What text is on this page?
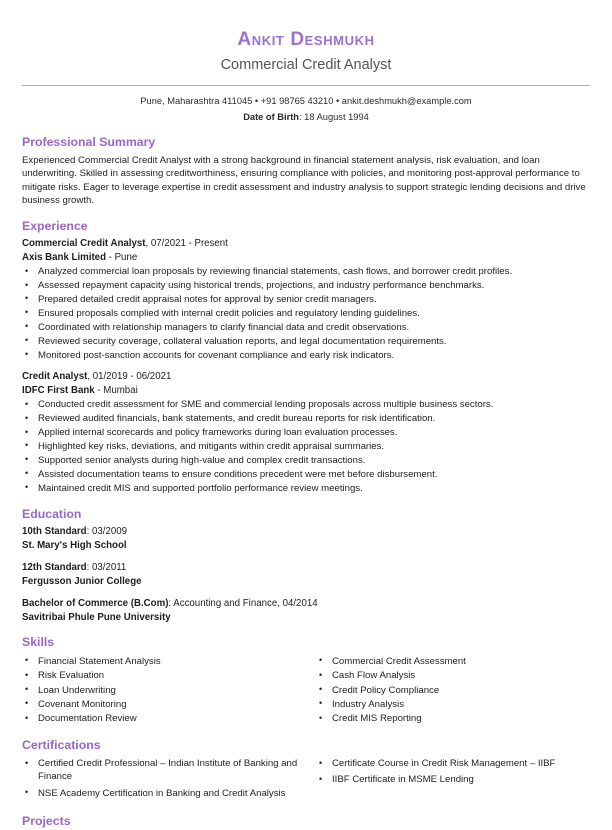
Ankit Deshmukh
Commercial Credit Analyst
Pune, Maharashtra 411045 • +91 98765 43210 • ankit.deshmukh@example.com
Date of Birth: 18 August 1994
Professional Summary

Experienced Commercial Credit Analyst with a strong background in financial statement analysis, risk evaluation, and loan underwriting. Skilled in assessing creditworthiness, ensuring compliance with policies, and monitoring post-approval performance to mitigate risks. Eager to leverage expertise in credit assessment and industry analysis to support strategic lending decisions and drive business growth.

Experience
Commercial Credit Analyst, 07/2021 - Present
Axis Bank Limited - Pune
• Analyzed commercial loan proposals by reviewing financial statements, cash flows, and borrower credit profiles.
• Assessed repayment capacity using historical trends, projections, and industry performance benchmarks.
• Prepared detailed credit appraisal notes for approval by senior credit managers.
• Ensured proposals complied with internal credit policies and regulatory lending guidelines.
• Coordinated with relationship managers to clarify financial data and credit observations.
• Reviewed security coverage, collateral valuation reports, and legal documentation requirements.
• Monitored post-sanction accounts for covenant compliance and early risk indicators.
Credit Analyst, 01/2019 - 06/2021
IDFC First Bank - Mumbai
• Conducted credit assessment for SME and commercial lending proposals across multiple business sectors.
• Reviewed audited financials, bank statements, and credit bureau reports for risk identification.
• Applied internal scorecards and policy frameworks during loan evaluation processes.
• Highlighted key risks, deviations, and mitigants within credit appraisal summaries.
• Supported senior analysts during high-value and complex credit transactions.
• Assisted documentation teams to ensure conditions precedent were met before disbursement.
• Maintained credit MIS and supported portfolio performance review meetings.
Education
10th Standard: 03/2009
St. Mary's High School
12th Standard: 03/2011
Fergusson Junior College
Bachelor of Commerce (B.Com): Accounting and Finance, 04/2014
Savitribai Phule Pune University
Skills
• Financial Statement Analysis
• Risk Evaluation
• Loan Underwriting
• Covenant Monitoring
• Documentation Review
• Commercial Credit Assessment
• Cash Flow Analysis
• Credit Policy Compliance
• Industry Analysis
• Credit MIS Reporting
Certifications
• Certified Credit Professional – Indian Institute of Banking and Finance
• NSE Academy Certification in Banking and Credit Analysis
• Certificate Course in Credit Risk Management – IIBF
• IIBF Certificate in MSME Lending
Projects
